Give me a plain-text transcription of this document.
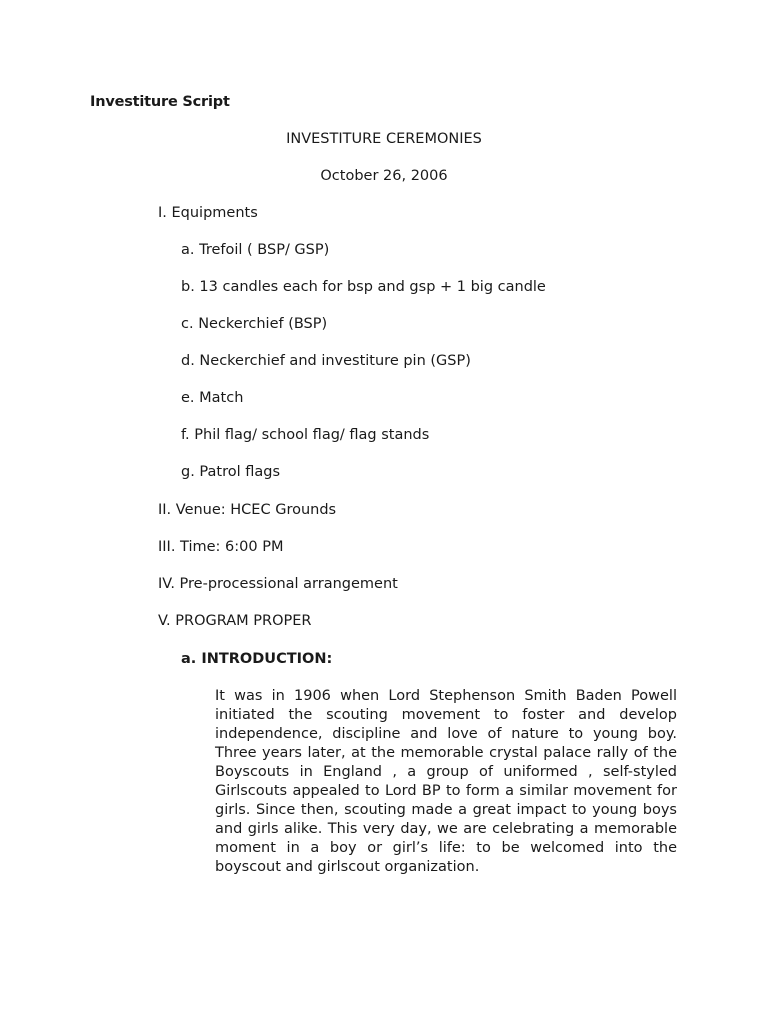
Investiture Script
INVESTITURE CEREMONIES
October 26, 2006
I. Equipments
a. Trefoil ( BSP/ GSP)
b. 13 candles each for bsp and gsp + 1 big candle
c. Neckerchief (BSP)
d. Neckerchief and investiture pin (GSP)
e. Match
f. Phil flag/ school flag/ flag stands
g. Patrol flags
II. Venue: HCEC Grounds
III. Time: 6:00 PM
IV. Pre-processional arrangement
V. PROGRAM PROPER
a. INTRODUCTION:

It was in 1906 when Lord Stephenson Smith Baden Powell initiated the scouting movement to foster and develop independence, discipline and love of nature to young boy. Three years later, at the memorable crystal palace rally of the Boyscouts in England , a group of uniformed , self-styled Girlscouts appealed to Lord BP to form a similar movement for girls. Since then, scouting made a great impact to young boys and girls alike. This very day, we are celebrating a memorable moment in a boy or girl’s life: to be welcomed into the boyscout and girlscout organization.
